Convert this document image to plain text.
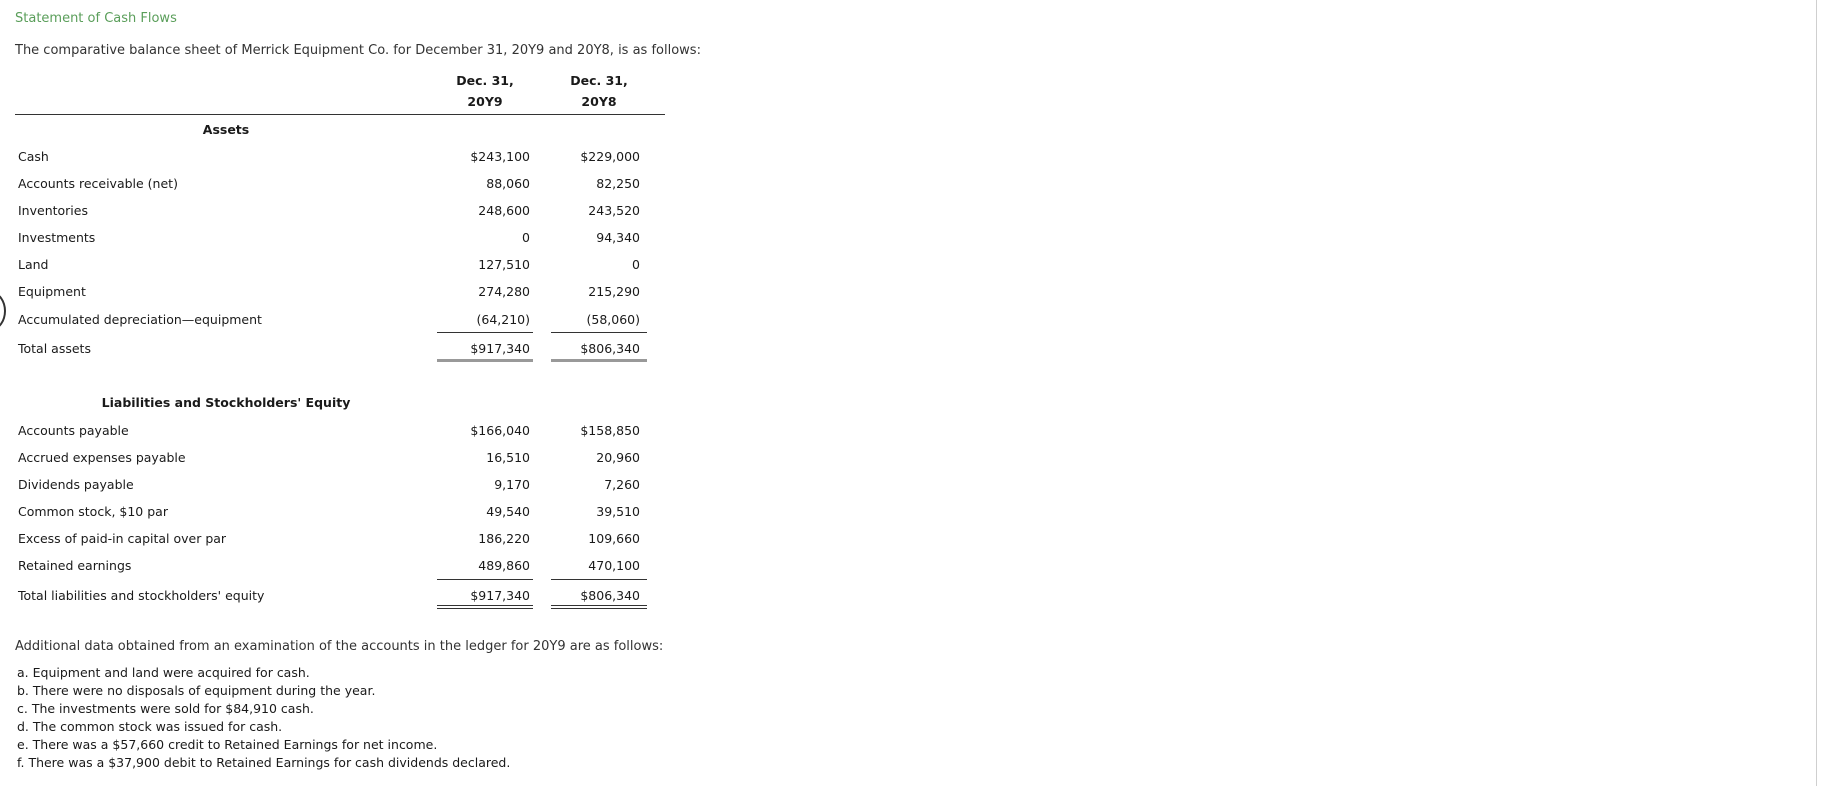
Statement of Cash Flows
The comparative balance sheet of Merrick Equipment Co. for December 31, 20Y9 and 20Y8, is as follows:
Dec. 31,
20Y9
Dec. 31,
20Y8
Assets
Cash	$243,100	$229,000
Accounts receivable (net)	88,060	82,250
Inventories	248,600	243,520
Investments	0	94,340
Land	127,510	0
Equipment	274,280	215,290
Accumulated depreciation—equipment	(64,210)	(58,060)
Total assets	$917,340	$806,340
Liabilities and Stockholders' Equity
Accounts payable	$166,040	$158,850
Accrued expenses payable	16,510	20,960
Dividends payable	9,170	7,260
Common stock, $10 par	49,540	39,510
Excess of paid-in capital over par	186,220	109,660
Retained earnings	489,860	470,100
Total liabilities and stockholders' equity	$917,340	$806,340
Additional data obtained from an examination of the accounts in the ledger for 20Y9 are as follows:
a. Equipment and land were acquired for cash.
b. There were no disposals of equipment during the year.
c. The investments were sold for $84,910 cash.
d. The common stock was issued for cash.
e. There was a $57,660 credit to Retained Earnings for net income.
f. There was a $37,900 debit to Retained Earnings for cash dividends declared.
